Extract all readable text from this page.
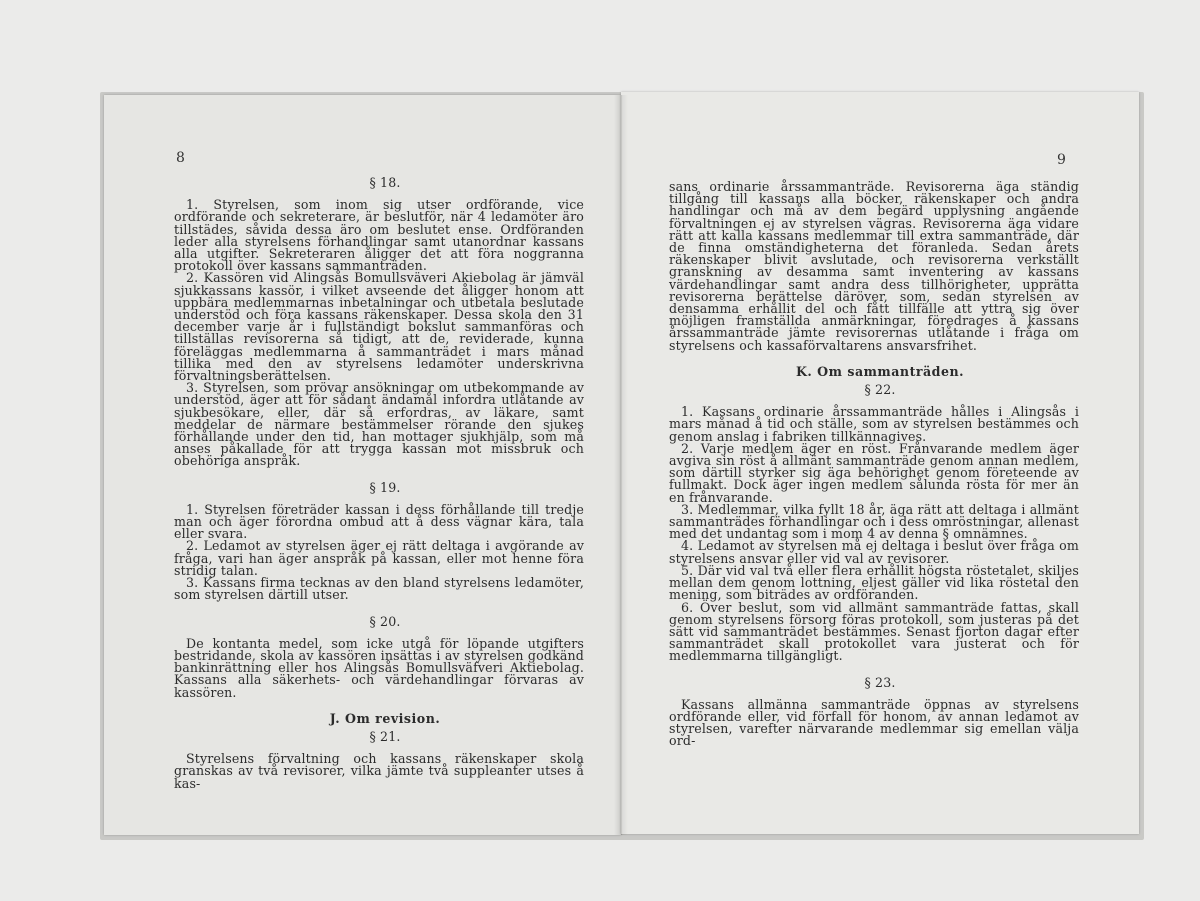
8

§ 18.

1. Styrelsen, som inom sig utser ordförande, vice ordförande och sekreterare, är beslutför, när 4 ledamöter äro tillstädes, såvida dessa äro om beslutet ense. Ordföranden leder alla styrelsens förhandlingar samt utanordnar kassans alla utgifter. Sekreteraren åligger det att föra noggranna protokoll över kassans sammanträden.

2. Kassören vid Alingsås Bomullsväveri Akiebolag är jämväl sjukkassans kassör, i vilket avseende det åligger honom att uppbära medlemmarnas inbetalningar och utbetala beslutade understöd och föra kassans räkenskaper. Dessa skola den 31 december varje år i fullständigt bokslut sammanföras och tillställas revisorerna så tidigt, att de, reviderade, kunna föreläggas medlemmarna å sammanträdet i mars månad tillika med den av styrelsens ledamöter underskrivna förvaltningsberättelsen.

3. Styrelsen, som prövar ansökningar om utbekommande av understöd, äger att för sådant ändamål infordra utlåtande av sjukbesökare, eller, där så erfordras, av läkare, samt meddelar de närmare bestämmelser rörande den sjukes förhållande under den tid, han mottager sjukhjälp, som må anses påkallade för att trygga kassan mot missbruk och obehöriga anspråk.

§ 19.

1. Styrelsen företräder kassan i dess förhållande till tredje man och äger förordna ombud att å dess vägnar kära, tala eller svara.

2. Ledamot av styrelsen äger ej rätt deltaga i avgörande av fråga, vari han äger anspråk på kassan, eller mot henne föra stridig talan.

3. Kassans firma tecknas av den bland styrelsens ledamöter, som styrelsen därtill utser.

§ 20.

De kontanta medel, som icke utgå för löpande utgifters bestridande, skola av kassören insättas i av styrelsen godkänd bankinrättning eller hos Alingsås Bomullsväfveri Aktiebolag. Kassans alla säkerhets- och värdehandlingar förvaras av kassören.

J. Om revision.

§ 21.

Styrelsens förvaltning och kassans räkenskaper skola granskas av två revisorer, vilka jämte två suppleanter utses å kas-

9

sans ordinarie årssammanträde. Revisorerna äga ständig tillgång till kassans alla böcker, räkenskaper och andra handlingar och må av dem begärd upplysning angående förvaltningen ej av styrelsen vägras. Revisorerna äga vidare rätt att kalla kassans medlemmar till extra sammanträde, där de finna omständigheterna det föranleda. Sedan årets räkenskaper blivit avslutade, och revisorerna verkställt granskning av desamma samt inventering av kassans värdehandlingar samt andra dess tillhörigheter, upprätta revisorerna berättelse däröver, som, sedan styrelsen av densamma erhållit del och fått tillfälle att yttra sig över möjligen framställda anmärkningar, föredrages å kassans årssammanträde jämte revisorernas utlåtande i fråga om styrelsens och kassaförvaltarens ansvarsfrihet.

K. Om sammanträden.

§ 22.

1. Kassans ordinarie årssammanträde hålles i Alingsås i mars månad å tid och ställe, som av styrelsen bestämmes och genom anslag i fabriken tillkännagives.

2. Varje medlem äger en röst. Frånvarande medlem äger avgiva sin röst å allmänt sammanträde genom annan medlem, som därtill styrker sig äga behörighet genom företeende av fullmakt. Dock äger ingen medlem sålunda rösta för mer än en frånvarande.

3. Medlemmar, vilka fyllt 18 år, äga rätt att deltaga i allmänt sammanträdes förhandlingar och i dess omröstningar, allenast med det undantag som i mom 4 av denna § omnämnes.

4. Ledamot av styrelsen må ej deltaga i beslut över fråga om styrelsens ansvar eller vid val av revisorer.

5. Där vid val två eller flera erhållit högsta röstetalet, skiljes mellan dem genom lottning, eljest gäller vid lika röstetal den mening, som biträdes av ordföranden.

6. Över beslut, som vid allmänt sammanträde fattas, skall genom styrelsens försorg föras protokoll, som justeras på det sätt vid sammanträdet bestämmes. Senast fjorton dagar efter sammanträdet skall protokollet vara justerat och för medlemmarna tillgängligt.

§ 23.

Kassans allmänna sammanträde öppnas av styrelsens ordförande eller, vid förfall för honom, av annan ledamot av styrelsen, varefter närvarande medlemmar sig emellan välja ord-
